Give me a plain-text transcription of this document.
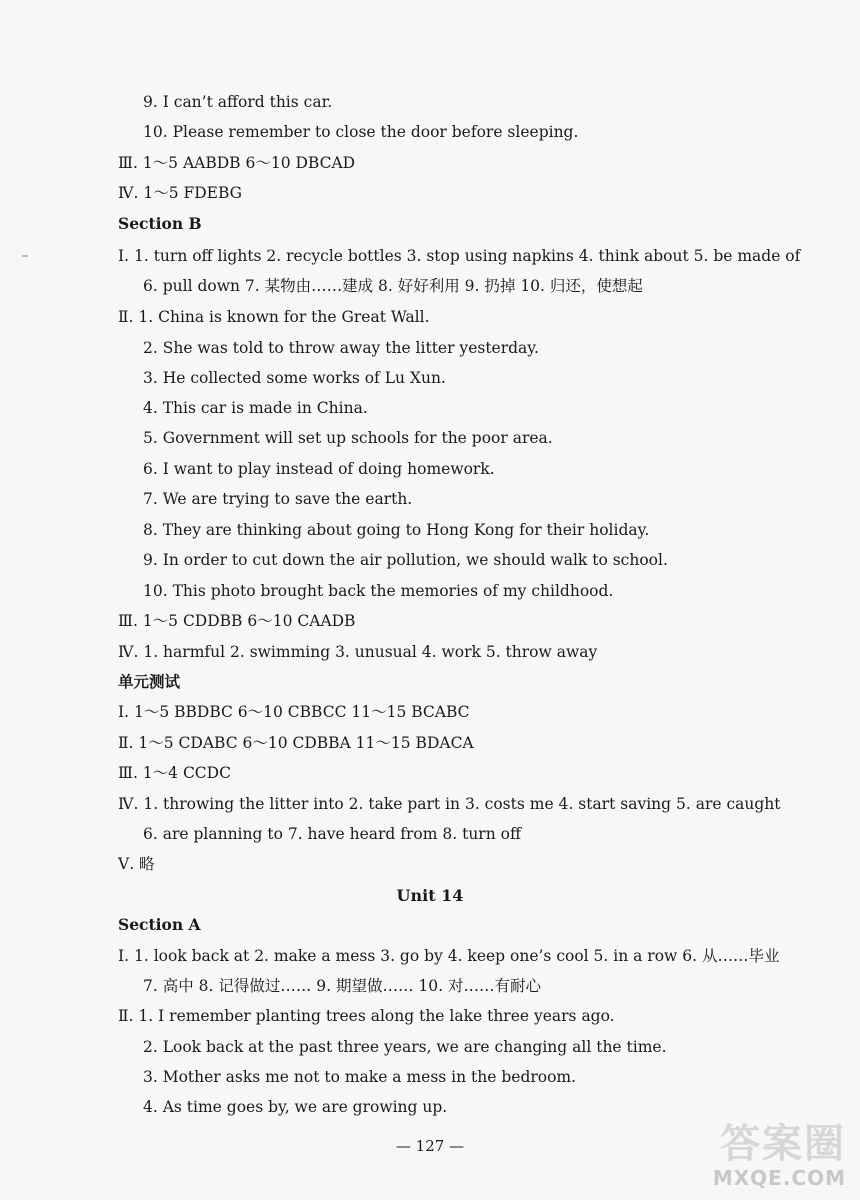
9. I can’t afford this car.
10. Please remember to close the door before sleeping.
Ⅲ. 1～5 AABDB 6～10 DBCAD
Ⅳ. 1～5 FDEBG
Section B
Ⅰ. 1. turn off lights 2. recycle bottles 3. stop using napkins 4. think about 5. be made of
6. pull down 7. 某物由……建成 8. 好好利用 9. 扔掉 10. 归还，使想起
Ⅱ. 1. China is known for the Great Wall.
2. She was told to throw away the litter yesterday.
3. He collected some works of Lu Xun.
4. This car is made in China.
5. Government will set up schools for the poor area.
6. I want to play instead of doing homework.
7. We are trying to save the earth.
8. They are thinking about going to Hong Kong for their holiday.
9. In order to cut down the air pollution, we should walk to school.
10. This photo brought back the memories of my childhood.
Ⅲ. 1～5 CDDBB 6～10 CAADB
Ⅳ. 1. harmful 2. swimming 3. unusual 4. work 5. throw away
单元测试
Ⅰ. 1～5 BBDBC 6～10 CBBCC 11～15 BCABC
Ⅱ. 1～5 CDABC 6～10 CDBBA 11～15 BDACA
Ⅲ. 1～4 CCDC
Ⅳ. 1. throwing the litter into 2. take part in 3. costs me 4. start saving 5. are caught
6. are planning to 7. have heard from 8. turn off
Ⅴ. 略
Unit 14
Section A
Ⅰ. 1. look back at 2. make a mess 3. go by 4. keep one’s cool 5. in a row 6. 从……毕业
7. 高中 8. 记得做过…… 9. 期望做…… 10. 对……有耐心
Ⅱ. 1. I remember planting trees along the lake three years ago.
2. Look back at the past three years, we are changing all the time.
3. Mother asks me not to make a mess in the bedroom.
4. As time goes by, we are growing up.
— 127 —	答案圈
MXQE.COM
